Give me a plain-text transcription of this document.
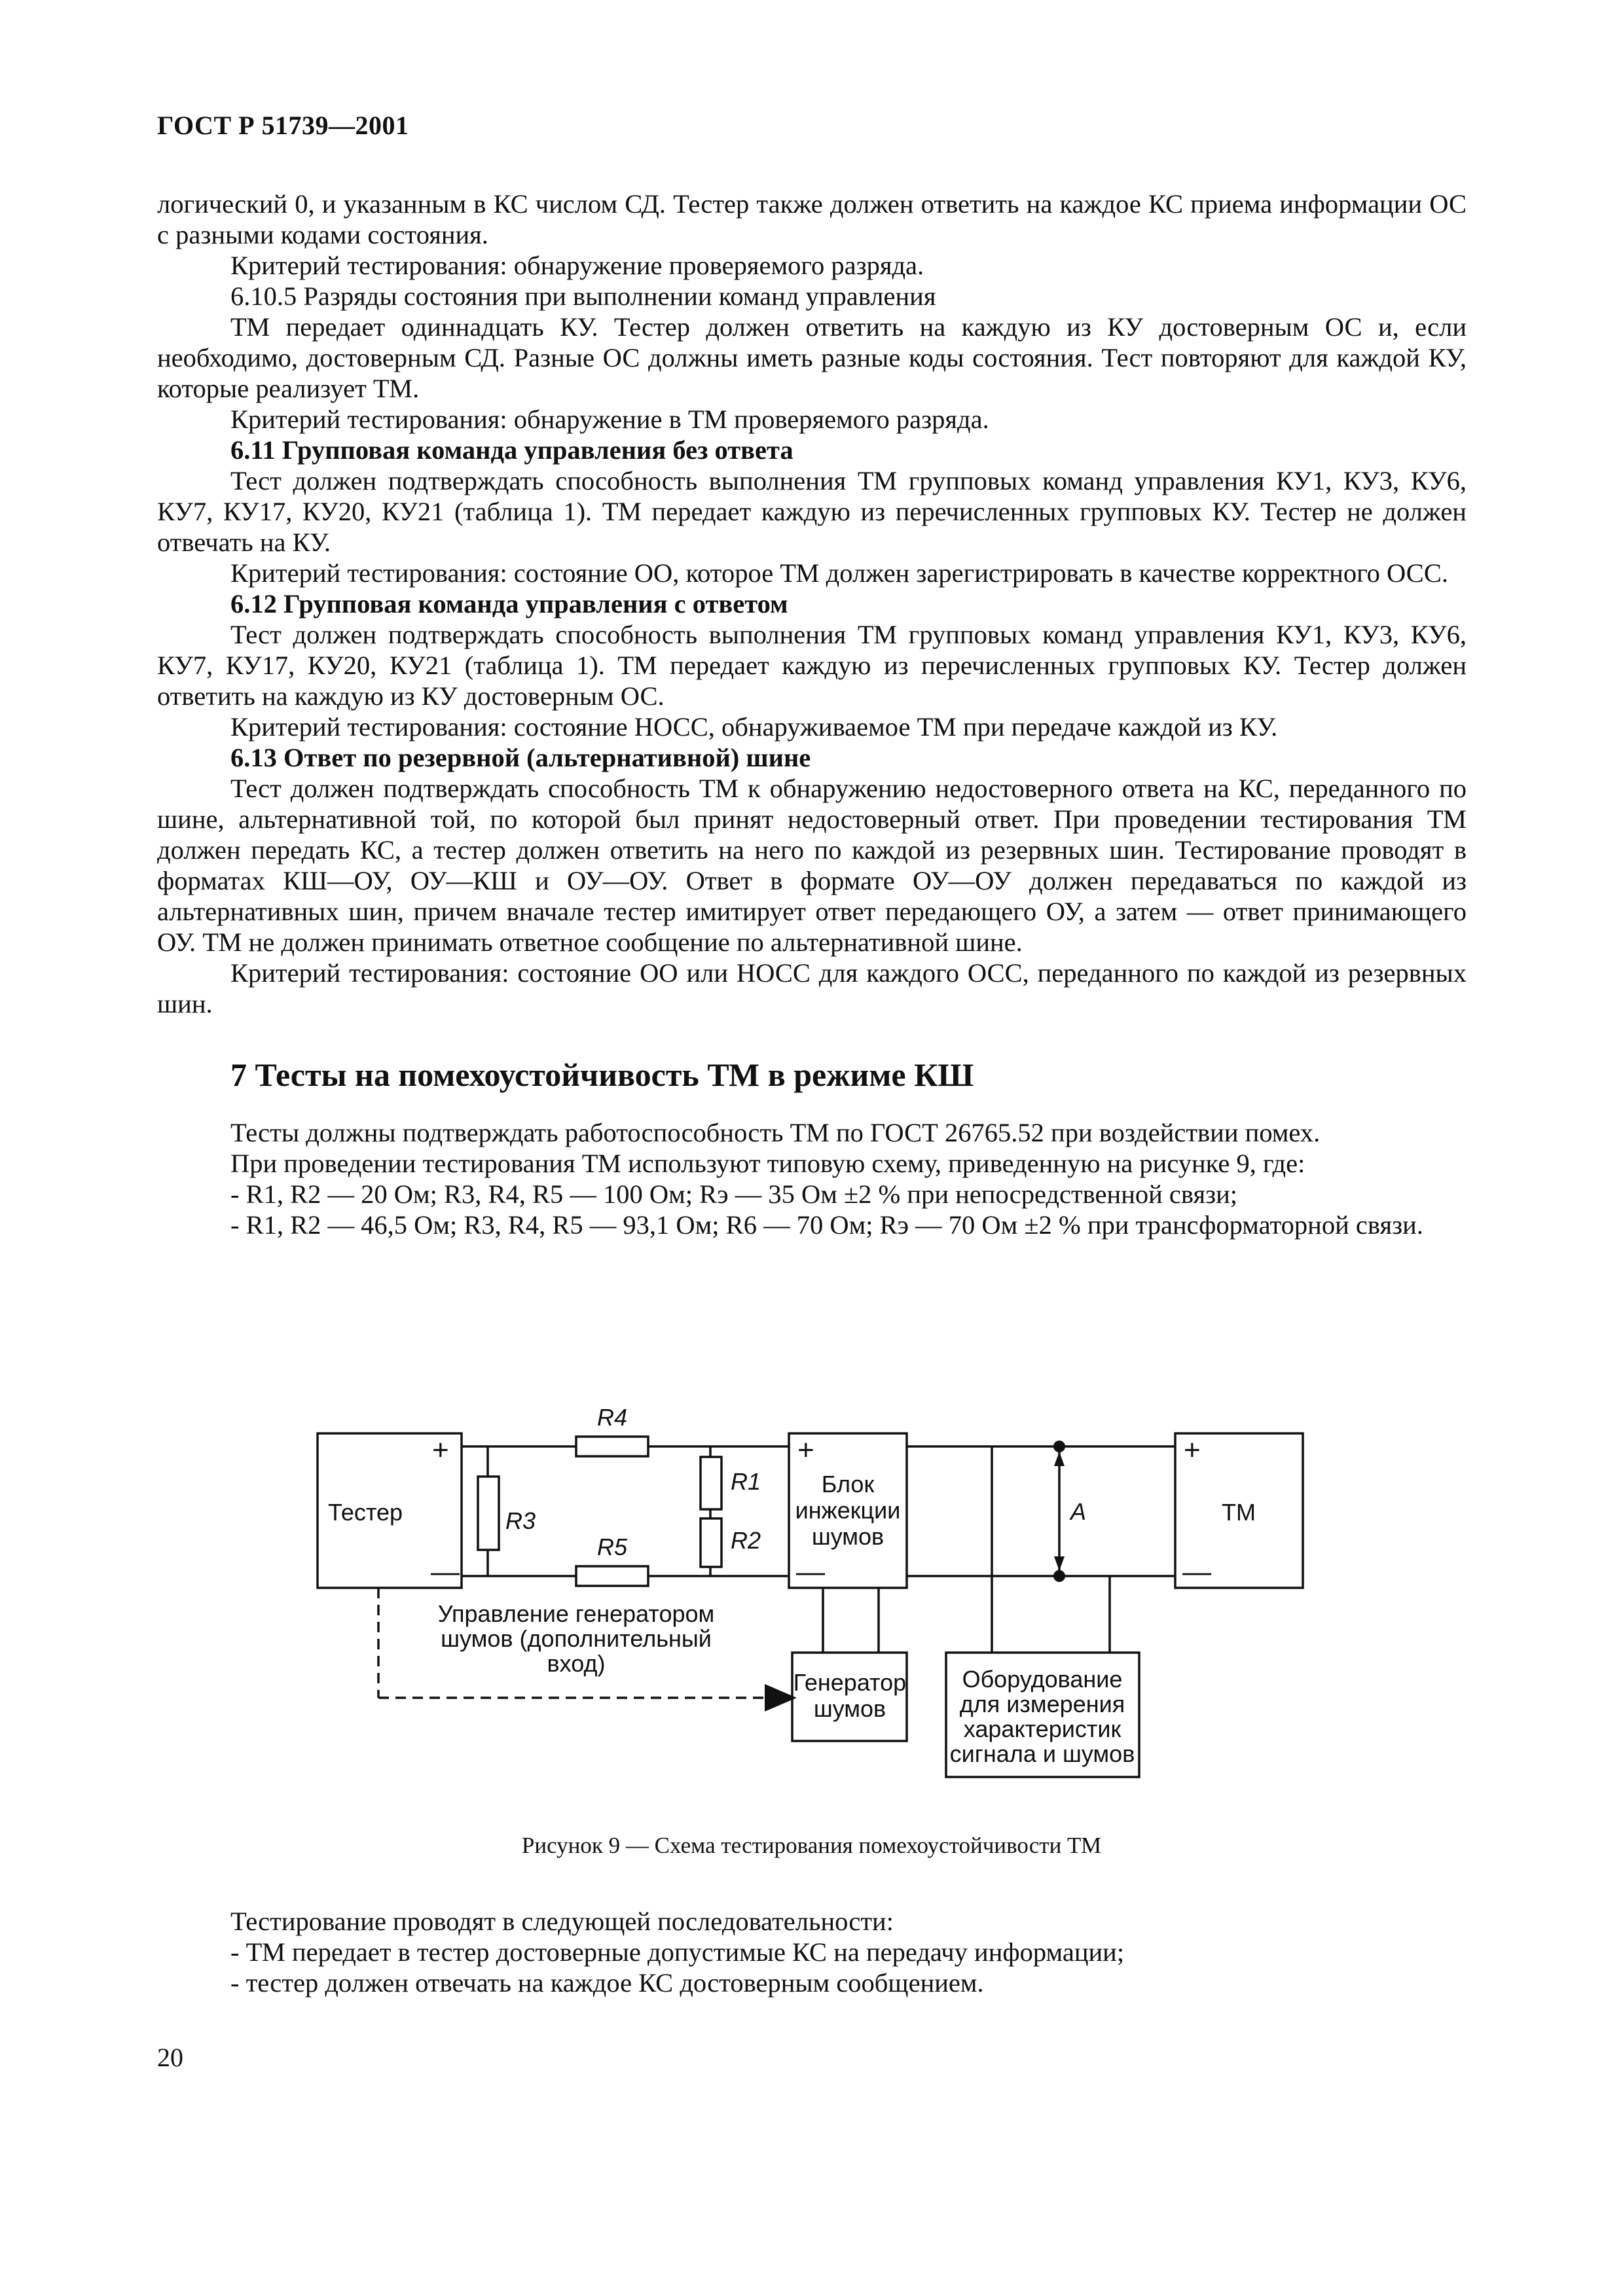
ГОСТ Р 51739—2001

логический 0, и указанным в КС числом СД. Тестер также должен ответить на каждое КС приема информации ОС с разными кодами состояния.

Критерий тестирования: обнаружение проверяемого разряда.

6.10.5 Разряды состояния при выполнении команд управления

ТМ передает одиннадцать КУ. Тестер должен ответить на каждую из КУ достоверным ОС и, если необходимо, достоверным СД. Разные ОС должны иметь разные коды состояния. Тест повторяют для каждой КУ, которые реализует ТМ.

Критерий тестирования: обнаружение в ТМ проверяемого разряда.

6.11 Групповая команда управления без ответа

Тест должен подтверждать способность выполнения ТМ групповых команд управления КУ1, КУ3, КУ6, КУ7, КУ17, КУ20, КУ21 (таблица 1). ТМ передает каждую из перечисленных групповых КУ. Тестер не должен отвечать на КУ.

Критерий тестирования: состояние ОО, которое ТМ должен зарегистрировать в качестве корректного ОСС.

6.12 Групповая команда управления с ответом

Тест должен подтверждать способность выполнения ТМ групповых команд управления КУ1, КУ3, КУ6, КУ7, КУ17, КУ20, КУ21 (таблица 1). ТМ передает каждую из перечисленных групповых КУ. Тестер должен ответить на каждую из КУ достоверным ОС.

Критерий тестирования: состояние НОСС, обнаруживаемое ТМ при передаче каждой из КУ.

6.13 Ответ по резервной (альтернативной) шине

Тест должен подтверждать способность ТМ к обнаружению недостоверного ответа на КС, переданного по шине, альтернативной той, по которой был принят недостоверный ответ. При проведении тестирования ТМ должен передать КС, а тестер должен ответить на него по каждой из резервных шин. Тестирование проводят в форматах КШ—ОУ, ОУ—КШ и ОУ—ОУ. Ответ в формате ОУ—ОУ должен передаваться по каждой из альтернативных шин, причем вначале тестер имитирует ответ передающего ОУ, а затем — ответ принимающего ОУ. ТМ не должен принимать ответное сообщение по альтернативной шине.

Критерий тестирования: состояние ОО или НОСС для каждого ОСС, переданного по каждой из резервных шин.

7 Тесты на помехоустойчивость ТМ в режиме КШ

Тесты должны подтверждать работоспособность ТМ по ГОСТ 26765.52 при воздействии помех.

При проведении тестирования ТМ используют типовую схему, приведенную на рисунке 9, где:

- R1, R2 — 20 Ом; R3, R4, R5 — 100 Ом; Rэ — 35 Ом ±2 % при непосредственной связи;

- R1, R2 — 46,5 Ом; R3, R4, R5 — 93,1 Ом; R6 — 70 Ом; Rэ — 70 Ом ±2 % при трансформаторной связи.

Тестер	ТМ
Блок
инжекции
шумов
Генератор
шумов
Оборудование
для измерения
характеристик
сигнала и шумов
Управление генератором
шумов (дополнительный
вход)
A
R4
R5
R3
R1
R2
+
—
+
—
+
—
Рисунок 9 — Схема тестирования помехоустойчивости ТМ

Тестирование проводят в следующей последовательности:

- ТМ передает в тестер достоверные допустимые КС на передачу информации;

- тестер должен отвечать на каждое КС достоверным сообщением.

20
